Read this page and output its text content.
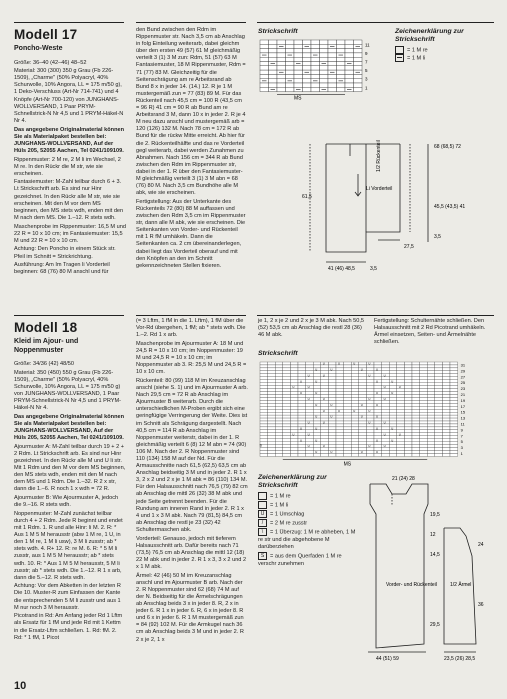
Modell 17
Poncho-Weste

Größe: 36–40 (42–46) 48–52

Material: 300 (300) 350 g Grau (Fb 226-1509), „Charme" (50% Polyacryl, 40% Schurwolle, 10% Angora, LL = 175 m/50 g), 1 Deko-Verschluss (Art-Nr 714-741) und 4 Knöpfe (Art-Nr 700-120) von JUNGHANS-WOLLVERSAND, 1 Paar PRYM-Schnellstrick-N Nr 4,5 und 1 PRYM-Häkel-N Nr 4.

Das angegebene Originalmaterial können Sie als Materialpaket bestellen bei: JUNGHANS-WOLLVERSAND, Auf der Hüls 205, 52055 Aachen, Tel 0241/109109.

Rippenmuster: 2 M re, 2 M li im Wechsel, 2 M re. In den Rückr die M str, wie sie erscheinen.

Fantasiemuster: M-Zahl teilbar durch 6 + 3. Lt Strickschrift arb. Es sind nur Hinr gezeichnet. In den Rückr alle M str, wie sie erscheinen. Mit den M vor dem MS beginnen, den MS stets wdh, enden mit den M nach dem MS. Die 1.–12. R stets wdh.

Maschenprobe im Rippenmuster: 16,5 M und 22 R = 10 x 10 cm; im Fantasiemuster: 15,5 M und 22 R = 10 x 10 cm.

Achtung: Den Poncho in einem Stück str. Pfeil im Schnitt = Strickrichtung.

Ausführung: Am Im Tragen li Vorderteil beginnen: 68 (76) 80 M anschl und für

den Bund zwischen den Rdm im Rippenmuster str. Nach 3,5 cm ab Anschlag in folg Einteilung weiterarb, dabei gleichm über den ersten 49 (57) 61 M gleichmäßig verteilt 3 (1) 3 M zun: Rdm, 51 (57) 63 M Fantasiemuster, 18 M Rippenmuster, Rdm = 71 (77) 83 M. Gleichzeitig für die Seitenschrägung am re Arbeitsrand ab Bund 8 x in jeder 14. (14.) 12. R je 1 M mustergemäß zun = 77 (83) 89 M. Für das Rückenteil nach 45,5 cm = 100 R (43,5 cm = 96 R) 41 cm = 90 R ab Bund am re Arbeitsrand 3 M, dann 10 x in jeder 2. R je 4 M neu dazu anschl und mustergemäß arb = 120 (126) 132 M. Nach 78 cm = 172 R ab Bund für die rückw Mitte erreicht. Ab hier für die 2. Rückenteilhälfte und das re Vorderteil gegl weiterarb, dabei werden Zunahmen zu Abnahmen. Nach 156 cm = 344 R ab Bund zwischen den Rdm im Rippenmuster str, dabei in der 1. R über den Fantasiemuster-M gleichmäßig verteilt 3 (1) 3 M abn = 68 (76) 80 M. Nach 3,5 cm Bundhöhe alle M abk, wie sie erscheinen.

Fertigstellung: Aus der Unterkante des Rückenteils 72 (80) 88 M auffassen und zwischen den Rdm 3,5 cm im Rippenmuster str, dann alle M abk, wie sie erscheinen. Die Seitenkanten von Vorder- und Rückenteil mit 1 R fM umhäkeln. Dann die Seitenkanten ca. 2 cm übereinanderlegen, dabei liegt das Vorderteil oberauf und mit den Knöpfen an den im Schnitt gekennzeichneten Stellen fixieren.

Strickschrift
11
9
7
5
3
1
MS
Zeichenerklärung zur Strickschrift
= 1 M re
= 1 M li
68 (68,5) 72
1/2 Rückenteil
Li Vorderteil
61,5
41 (46) 48,5	3,5
27,5
45,5 (43,5) 41
3,5
Modell 18
Kleid im Ajour- und Noppenmuster

Größe: 34/36 (42) 48/50

Material: 350 (450) 550 g Grau (Fb 226-1509), „Charme" (50% Polyacryl, 40% Schurwolle, 10% Angora, LL = 175 m/50 g) von JUNGHANS-WOLLVERSAND, 1 Paar PRYM-Schnellstrick-N Nr 4,5 und 1 PRYM-Häkel-N Nr 4.

Das angegebene Originalmaterial können Sie als Materialpaket bestellen bei: JUNGHANS-WOLLVERSAND, Auf der Hüls 205, 52055 Aachen, Tel 0241/109109.

Ajourmuster A: M-Zahl teilbar durch 19 + 2 + 2 Rdm. Lt Strickschrift arb. Es sind nur Hinr gezeichnet. In den Rückr alle M und U li str. Mit 1 Rdm und den M vor dem MS beginnen, den MS stets wdh, enden mit den M nach dem MS und 1 Rdm. Die 1.–32. R 2 x str, dann die 1.–6. R noch 1 x wdh = 72 R.

Ajourmuster B: Wie Ajourmuster A, jedoch die 9.–16. R stets wdh.

Noppenmuster: M-Zahl zunächst teilbar durch 4 + 2 Rdm. Jede R beginnt und endet mit 1 Rdm. 1. R und alle Hinr: li M. 2. R: * Aus 1 M 5 M herausstr (abw 1 M re, 1 U, in den 1 M re, 1 M li usw), 3 M li zusstr; ab * stets wdh. 4. R+ 12. R: re M. 6. R: * 5 M li zusstr, aus 1 M 5 M herausstr; ab * stets wdh. 10. R: * Aus 1 M 5 M herausstr, 5 M li zusstr; ab * stets wdh. Die 1.–12. R 1 x arb, dann die 5.–12. R stets wdh.

Achtung: Vor dem Abketten in der letzten R Die 10. Muster-R zum Einfassen der Kante die entsprechenden 5 M li zusstr und aus 1 M nur noch 3 M herausstr.

Picotrand in Rd: Am Anfang jeder Rd 1 Lftm als Ersatz für 1 fM und jede Rd mit 1 Kettm in die Ersatz-Lftm schließen. 1. Rd: fM. 2. Rd: * 1 fM, 1 Picot

(= 3 Lftm, 1 fM in die 1. Lftm), 1 fM über die Vor-Rd übergehen, 1 fM; ab * stets wdh. Die 1.–2. Rd 1 x arb.

Maschenprobe im Ajourmuster A: 18 M und 24,5 R = 10 x 10 cm; im Noppenmuster: 19 M und 24,5 R = 10 x 10 cm; im Noppenmuster ab 3. R: 25,5 M und 24,5 R = 10 x 10 cm.

Rückenteil: 80 (99) 118 M im Kreuzanschlag anschl (siehe S. 1) und im Ajourmuster A arb. Nach 29,5 cm = 72 R ab Anschlag im Ajourmuster B weiterarb. Durch die unterschiedlichen M-Proben ergibt sich eine geringfügige Verringerung der Weite. Dies ist im Schnitt als Schrägung dargestellt. Nach 40,5 cm = 114 R ab Anschlag im Noppenmuster weiterstr, dabei in der 1. R gleichmäßig verteilt 6 (8) 12 M abn = 74 (90) 106 M. Nach der 2. R Noppenmuster sind 110 (134) 158 M auf der Nd. Für die Armausschnitte nach 61,5 (62,5) 63,5 cm ab Anschlag beidseitig 3 M und in jeder 2. R 1 x 3, 2 x 2 und 2 x je 1 M abk = 86 (110) 134 M. Für den Halsausschnitt nach 76,5 (79) 82 cm ab Anschlag die mittl 26 (32) 38 M abk und jede Seite getrennt beenden. Für die Rundung am inneren Rand in jeder 2. R 1 x 4 und 1 x 3 M abk. Nach 79 (81,5) 84,5 cm ab Anschlag die restl je 23 (32) 42 Schultermaschen abk.

Vorderteil: Genauso, jedoch mit tieferem Halsausschnitt arb. Dafür bereits nach 71 (73,5) 76,5 cm ab Anschlag die mittl 12 (18) 22 M abk und in jeder 2. R 1 x 3, 3 x 2 und 2 x 1 M abk.

Ärmel: 42 (46) 50 M im Kreuzanschlag anschl und im Ajourmuster B arb. Nach der 2. R Noppenmuster sind 62 (68) 74 M auf der N. Beidseitig für die Ärmelschrägungen ab Anschlag beids 3 x in jeder 8. R, 2 x in jeder 6. R 1 x in jeder 6. R, 6 x in jeder 8. R und 6 x in jeder 6. R 1 M mustergemäß zun = 84 (92) 102 M. Für die Armkugel nach 36 cm ab Anschlag beids 3 M und in jeder 2. R 2 x je 2, 1 x

je 1, 2 x je 2 und 2 x je 3 M abk. Nach 50,5 (52) 53,5 cm ab Anschlag die restl 28 (36) 46 M abk.

Fertigstellung: Schulternähte schließen. Den Halsausschnitt mit 2 Rd Picotrand umhäkeln. Ärmel einsetzen, Seiten- und Ärmelnähte schließen.

Strickschrift
U	U
U	U
U	U
U	U
U	U
U	U
U	U
U	U
U	U
U	U
U	U
U	U
U	U
U	U
U	U
U	U
U	U
U	U
U	U
U	U
U	U
U	U
U	U
U	U
U	U
U	U
U	U
U	U
U	U
U	U
U	U
U	U
31
29
27
25
23
21
19
17
15
13
11
9
7
5
3
1
S
MS
Zeichenerklärung zur Strickschrift
= 1 M re
= 1 M li
U = 1 Umschlag
/ = 2 M re zusstr
\ = 1 Überzug: 1 M re abheben, 1 M re str und die abgehobene M darüberziehen
S = aus dem Querfaden 1 M re verschr zunehmen
21 (24) 28
Vorder- und Rückenteil	1/2 Ärmel
19,5
44 (51) 59
12
14,5
29,5
23,5 (26) 28,5
24
36
10
